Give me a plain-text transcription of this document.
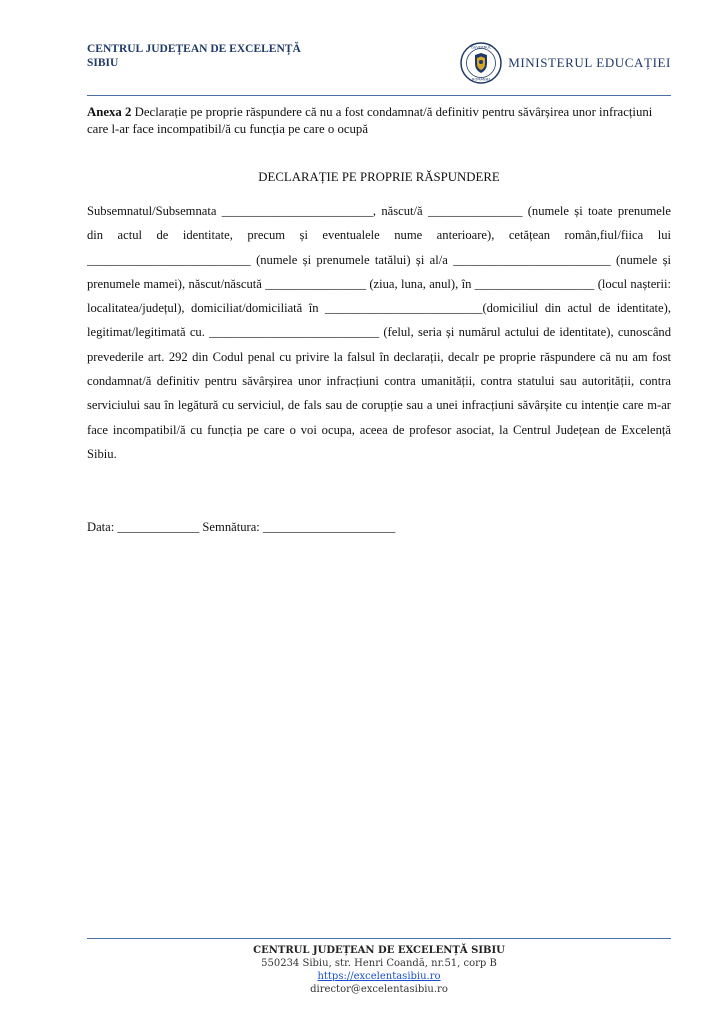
CENTRUL JUDEȚEAN DE EXCELENȚĂ
SIBIU
GUVERNUL
ROMÂNIEI
MINISTERUL EDUCAȚIEI
Anexa 2 Declarație pe proprie răspundere că nu a fost condamnat/ă definitiv pentru săvârșirea unor infracțiuni care l-ar face incompatibil/ă cu funcția pe care o ocupă
DECLARAȚIE PE PROPRIE RĂSPUNDERE
Subsemnatul/Subsemnata ________________________, născut/ă _______________ (numele și toate prenumele din actul de identitate, precum și eventualele nume anterioare), cetățean român,fiul/fiica lui __________________________ (numele și prenumele tatălui) și al/a _________________________ (numele și prenumele mamei), născut/născută ________________ (ziua, luna, anul), în ___________________ (locul nașterii: localitatea/județul), domiciliat/domiciliată în _________________________(domiciliul din actul de identitate), legitimat/legitimată cu. ___________________________ (felul, seria și numărul actului de identitate), cunoscând prevederile art. 292 din Codul penal cu privire la falsul în declarații, decalr pe proprie răspundere că nu am fost condamnat/ă definitiv pentru săvârșirea unor infracțiuni contra umanității, contra statului sau autorității, contra serviciului sau în legătură cu serviciul, de fals sau de corupție sau a unei infracțiuni săvârșite cu intenție care m-ar face incompatibil/ă cu funcția pe care o voi ocupa, aceea de profesor asociat, la Centrul Județean de Excelență Sibiu.
Data: _____________ Semnătura: _____________________
CENTRUL JUDEȚEAN DE EXCELENȚĂ SIBIU
550234 Sibiu, str. Henri Coandă, nr.51, corp B
https://excelentasibiu.ro
director@excelentasibiu.ro
